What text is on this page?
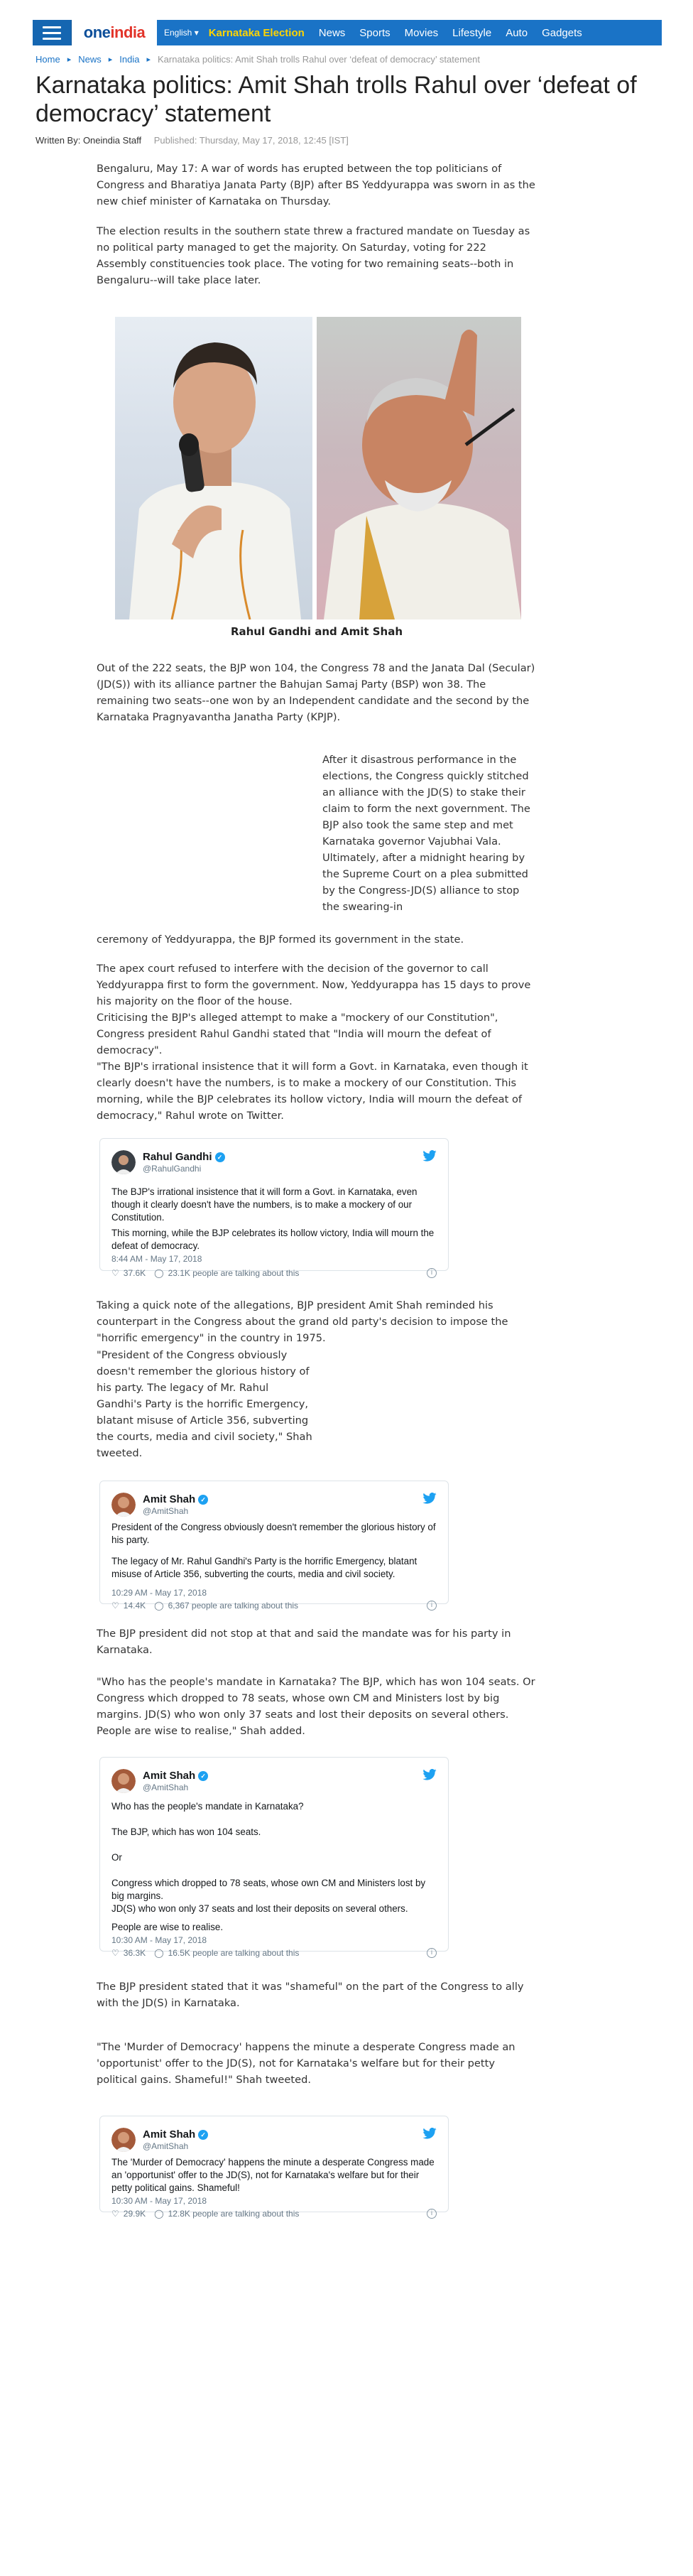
one india English ▾ Karnataka Election News Sports Movies Lifestyle Auto Gadgets
Home ▸ News ▸ India ▸ Karnataka politics: Amit Shah trolls Rahul over ‘defeat of democracy’ statement
Karnataka politics: Amit Shah trolls Rahul over ‘defeat of democracy’ statement
Written By: Oneindia Staff Published: Thursday, May 17, 2018, 12:45 [IST]

Bengaluru, May 17: A war of words has erupted between the top politicians of Congress and Bharatiya Janata Party (BJP) after BS Yeddyurappa was sworn in as the new chief minister of Karnataka on Thursday.

The election results in the southern state threw a fractured mandate on Tuesday as no political party managed to get the majority. On Saturday, voting for 222 Assembly constituencies took place. The voting for two remaining seats--both in Bengaluru--will take place later.

Rahul Gandhi and Amit Shah

Out of the 222 seats, the BJP won 104, the Congress 78 and the Janata Dal (Secular) (JD(S)) with its alliance partner the Bahujan Samaj Party (BSP) won 38. The remaining two seats--one won by an Independent candidate and the second by the Karnataka Pragnyavantha Janatha Party (KPJP).

After it disastrous performance in the elections, the Congress quickly stitched an alliance with the JD(S) to stake their claim to form the next government. The BJP also took the same step and met Karnataka governor Vajubhai Vala. Ultimately, after a midnight hearing by the Supreme Court on a plea submitted by the Congress-JD(S) alliance to stop the swearing-in

ceremony of Yeddyurappa, the BJP formed its government in the state.

The apex court refused to interfere with the decision of the governor to call Yeddyurappa first to form the government. Now, Yeddyurappa has 15 days to prove his majority on the floor of the house.

Criticising the BJP's alleged attempt to make a "mockery of our Constitution", Congress president Rahul Gandhi stated that "India will mourn the defeat of democracy".

"The BJP's irrational insistence that it will form a Govt. in Karnataka, even though it clearly doesn't have the numbers, is to make a mockery of our Constitution. This morning, while the BJP celebrates its hollow victory, India will mourn the defeat of democracy," Rahul wrote on Twitter.

Rahul Gandhi ✓
@RahulGandhi

The BJP's irrational insistence that it will form a Govt. in Karnataka, even though it clearly doesn't have the numbers, is to make a mockery of our Constitution.

This morning, while the BJP celebrates its hollow victory, India will mourn the defeat of democracy.

8:44 AM - May 17, 2018
♡ 37.6K ◯ 23.1K people are talking about this	i

Taking a quick note of the allegations, BJP president Amit Shah reminded his counterpart in the Congress about the grand old party's decision to impose the "horrific emergency" in the country in 1975.

"President of the Congress obviously doesn't remember the glorious history of his party. The legacy of Mr. Rahul Gandhi's Party is the horrific Emergency, blatant misuse of Article 356, subverting the courts, media and civil society," Shah tweeted.

Amit Shah ✓
@AmitShah

President of the Congress obviously doesn't remember the glorious history of his party.

The legacy of Mr. Rahul Gandhi's Party is the horrific Emergency, blatant misuse of Article 356, subverting the courts, media and civil society.

10:29 AM - May 17, 2018
♡ 14.4K ◯ 6,367 people are talking about this	i

The BJP president did not stop at that and said the mandate was for his party in Karnataka.

"Who has the people's mandate in Karnataka? The BJP, which has won 104 seats. Or Congress which dropped to 78 seats, whose own CM and Ministers lost by big margins. JD(S) who won only 37 seats and lost their deposits on several others. People are wise to realise," Shah added.

Amit Shah ✓
@AmitShah

Who has the people's mandate in Karnataka?

The BJP, which has won 104 seats.

Or

Congress which dropped to 78 seats, whose own CM and Ministers lost by big margins.
JD(S) who won only 37 seats and lost their deposits on several others.

People are wise to realise.

10:30 AM - May 17, 2018
♡ 36.3K ◯ 16.5K people are talking about this	i

The BJP president stated that it was "shameful" on the part of the Congress to ally with the JD(S) in Karnataka.

"The 'Murder of Democracy' happens the minute a desperate Congress made an 'opportunist' offer to the JD(S), not for Karnataka's welfare but for their petty political gains. Shameful!" Shah tweeted.

Amit Shah ✓
@AmitShah

The 'Murder of Democracy' happens the minute a desperate Congress made an 'opportunist' offer to the JD(S), not for Karnataka's welfare but for their petty political gains. Shameful!

10:30 AM - May 17, 2018
♡ 29.9K ◯ 12.8K people are talking about this	i
